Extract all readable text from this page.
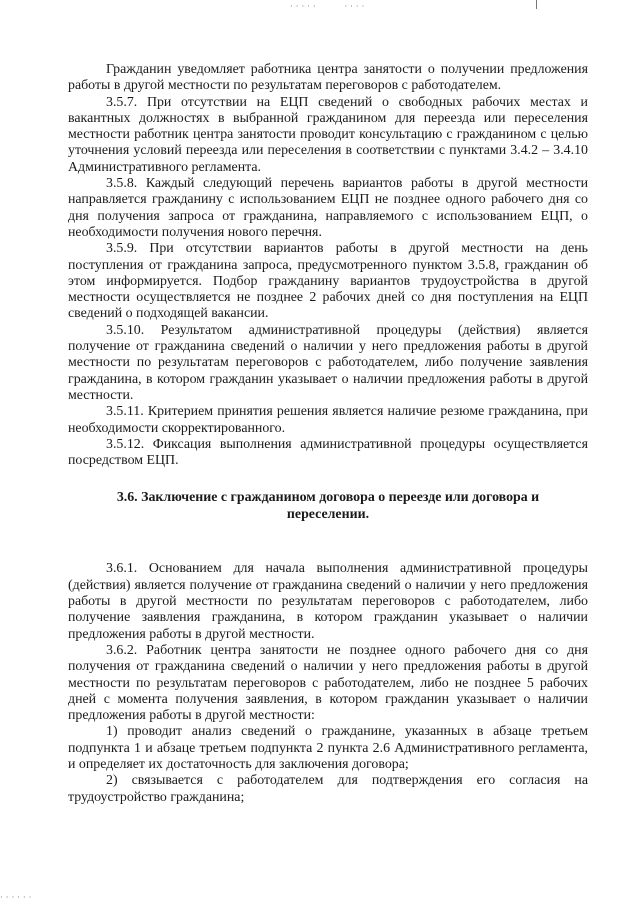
· · · · ·          · · · ·

Гражданин уведомляет работника центра занятости о получении предложения работы в другой местности по результатам переговоров с работодателем.

3.5.7. При отсутствии на ЕЦП сведений о свободных рабочих местах и вакантных должностях в выбранной гражданином для переезда или переселения местности работник центра занятости проводит консультацию с гражданином с целью уточнения условий переезда или переселения в соответствии с пунктами 3.4.2 – 3.4.10 Административного регламента.

3.5.8. Каждый следующий перечень вариантов работы в другой местности направляется гражданину с использованием ЕЦП не позднее одного рабочего дня со дня получения запроса от гражданина, направляемого с использованием ЕЦП, о необходимости получения нового перечня.

3.5.9. При отсутствии вариантов работы в другой местности на день поступления от гражданина запроса, предусмотренного пунктом 3.5.8, гражданин об этом информируется. Подбор гражданину вариантов трудоустройства в другой местности осуществляется не позднее 2 рабочих дней со дня поступления на ЕЦП сведений о подходящей вакансии.

3.5.10. Результатом административной процедуры (действия) является получение от гражданина сведений о наличии у него предложения работы в другой местности по результатам переговоров с работодателем, либо получение заявления гражданина, в котором гражданин указывает о наличии предложения работы в другой местности.

3.5.11. Критерием принятия решения является наличие резюме гражданина, при необходимости скорректированного.

3.5.12. Фиксация выполнения административной процедуры осуществляется посредством ЕЦП.

3.6. Заключение с гражданином договора о переезде или договора и переселении.

3.6.1. Основанием для начала выполнения административной процедуры (действия) является получение от гражданина сведений о наличии у него предложения работы в другой местности по результатам переговоров с работодателем, либо получение заявления гражданина, в котором гражданин указывает о наличии предложения работы в другой местности.

3.6.2. Работник центра занятости не позднее одного рабочего дня со дня получения от гражданина сведений о наличии у него предложения работы в другой местности по результатам переговоров с работодателем, либо не позднее 5 рабочих дней с момента получения заявления, в котором гражданин указывает о наличии предложения работы в другой местности:

1) проводит анализ сведений о гражданине, указанных в абзаце третьем подпункта 1 и абзаце третьем подпункта 2 пункта 2.6 Административного регламента, и определяет их достаточность для заключения договора;

2) связывается с работодателем для подтверждения его согласия на трудоустройство гражданина;

· · · · · ·
